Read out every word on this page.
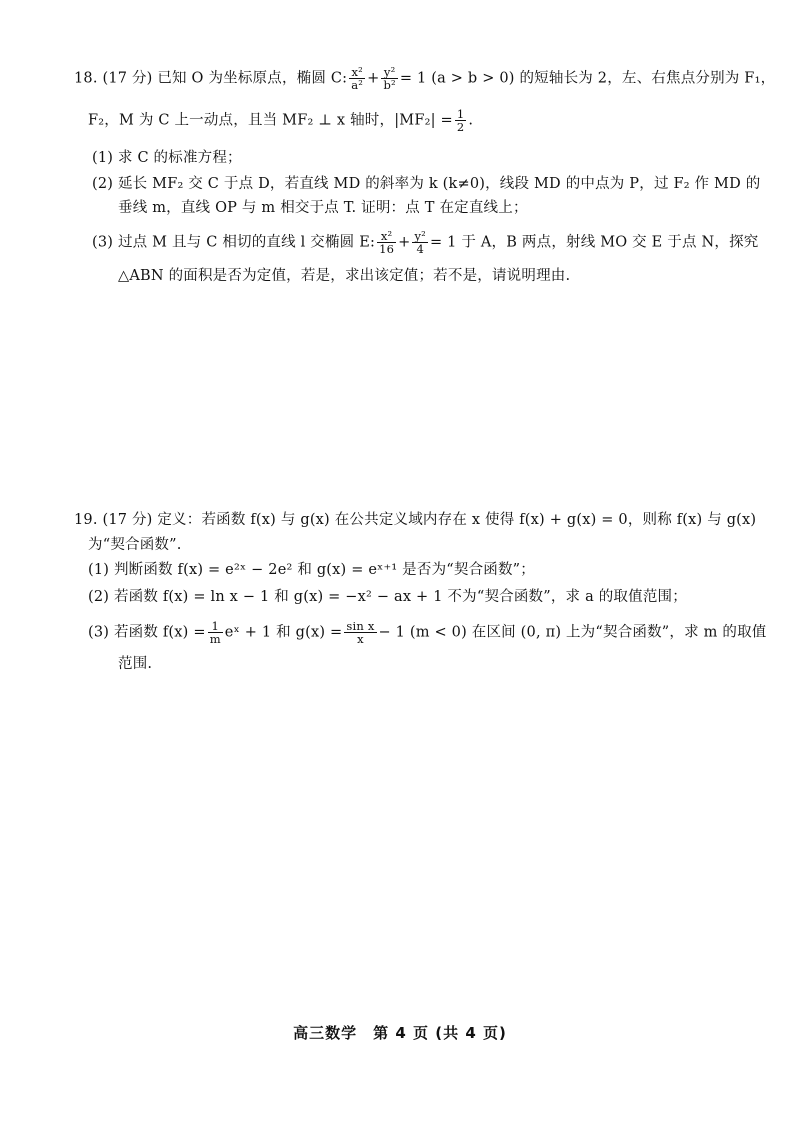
18. (17 分) 已知 O 为坐标原点，椭圆 C: $\frac{\text{x²}}{\text{a²}} + \frac{\text{y²}}{\text{b²}} = 1$ (a > b > 0) 的短轴长为 2，左、右焦点分别为 F₁，
F₂，M 为 C 上一动点，且当 MF₂ ⊥ x 轴时，$|MF_2| = \frac{1}{2}$ .
(1) 求 C 的标准方程；
(2) 延长 MF₂ 交 C 于点 D，若直线 MD 的斜率为 k (k≠0)，线段 MD 的中点为 P，过 F₂ 作 MD 的
垂线 m，直线 OP 与 m 相交于点 T. 证明：点 T 在定直线上；
(3) 过点 M 且与 C 相切的直线 l 交椭圆 E: $\frac{\text{x²}}{16} + \frac{\text{y²}}{4} = 1$ 于 A，B 两点，射线 MO 交 E 于点 N，探究
△ABN 的面积是否为定值，若是，求出该定值；若不是，请说明理由.
19. (17 分) 定义：若函数 f(x) 与 g(x) 在公共定义域内存在 x 使得 f(x) + g(x) = 0，则称 f(x) 与 g(x)
为“契合函数”.
(1) 判断函数 f(x) = e²ˣ − 2e² 和 g(x) = eˣ⁺¹ 是否为“契合函数”；
(2) 若函数 f(x) = ln x − 1 和 g(x) = −x² − ax + 1 不为“契合函数”，求 a 的取值范围；
(3) 若函数 $f(x) = \frac{1}{m}$ eˣ + 1 和 $g(x) = \frac{\text{sin x}}{x} - 1$ (m < 0) 在区间 (0, π) 上为“契合函数”，求 m 的取值
范围.
高三数学　第 4 页 (共 4 页)
